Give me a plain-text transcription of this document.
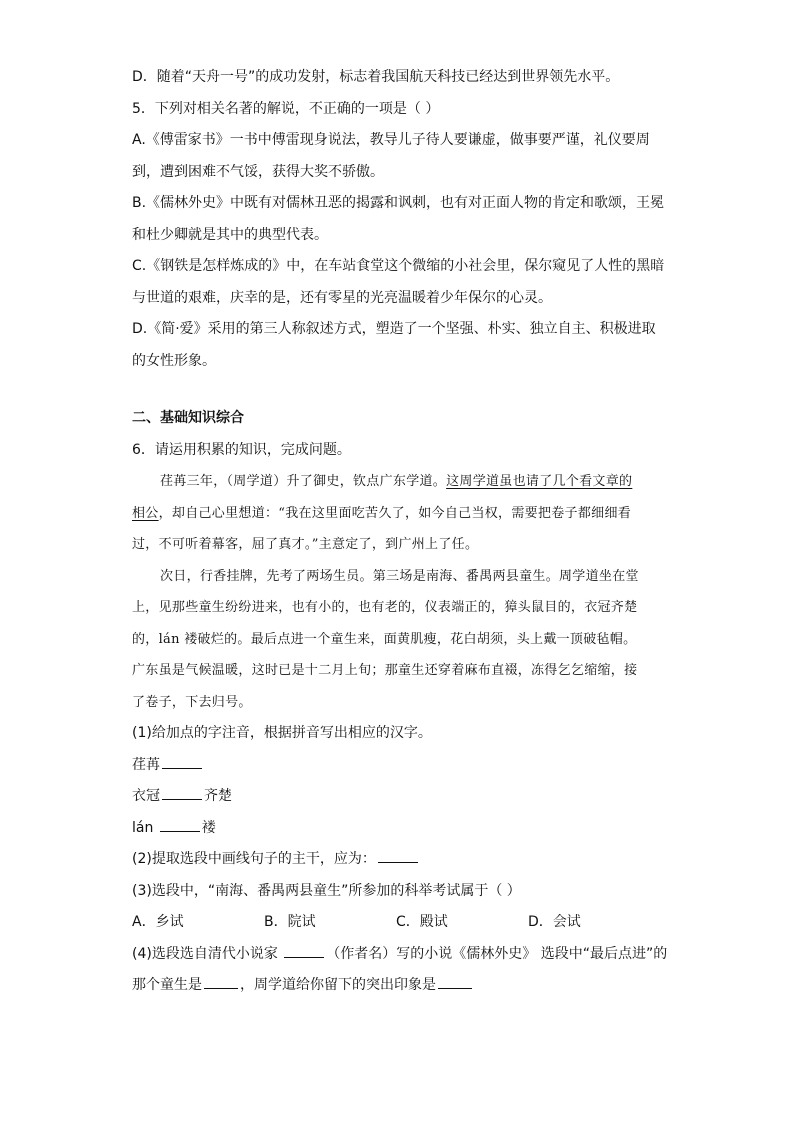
D．随着“天舟一号”的成功发射，标志着我国航天科技已经达到世界领先水平。
5．下列对相关名著的解说，不正确的一项是（ ）
A.《傅雷家书》一书中傅雷现身说法，教导儿子待人要谦虚，做事要严谨，礼仪要周
到，遭到困难不气馁，获得大奖不骄傲。
B.《儒林外史》中既有对儒林丑恶的揭露和讽刺，也有对正面人物的肯定和歌颂，王冕
和杜少卿就是其中的典型代表。
C.《钢铁是怎样炼成的》中，在车站食堂这个微缩的小社会里，保尔窥见了人性的黑暗
与世道的艰难，庆幸的是，还有零星的光亮温暖着少年保尔的心灵。
D.《简·爱》采用的第三人称叙述方式，塑造了一个坚强、朴实、独立自主、积极进取
的女性形象。
二、基础知识综合
6．请运用积累的知识，完成问题。
荏苒三年，（周学道）升了御史，钦点广东学道。这周学道虽也请了几个看文章的
相公，却自己心里想道：“我在这里面吃苦久了，如今自己当权，需要把卷子都细细看
过，不可听着幕客，屈了真才。”主意定了，到广州上了任。
次日，行香挂牌，先考了两场生员。第三场是南海、番禺两县童生。周学道坐在堂
上，见那些童生纷纷进来，也有小的，也有老的，仪表端正的，獐头鼠目的，衣冠齐楚
的，lán 褛破烂的。最后点进一个童生来，面黄肌瘦，花白胡须，头上戴一顶破毡帽。
广东虽是气候温暖，这时已是十二月上旬；那童生还穿着麻布直裰，冻得乞乞缩缩，接
了卷子，下去归号。
(1)给加点的字注音，根据拼音写出相应的汉字。
荏苒
衣冠	齐楚
lán	褛
(2)提取选段中画线句子的主干，应为：
(3)选段中，“南海、番禺两县童生”所参加的科举考试属于（ ）
A．乡试	B．院试	C．殿试	D．会试
(4)选段选自清代小说家	（作者名）写的小说《儒林外史》 选段中“最后点进”的
那个童生是	，周学道给你留下的突出印象是
